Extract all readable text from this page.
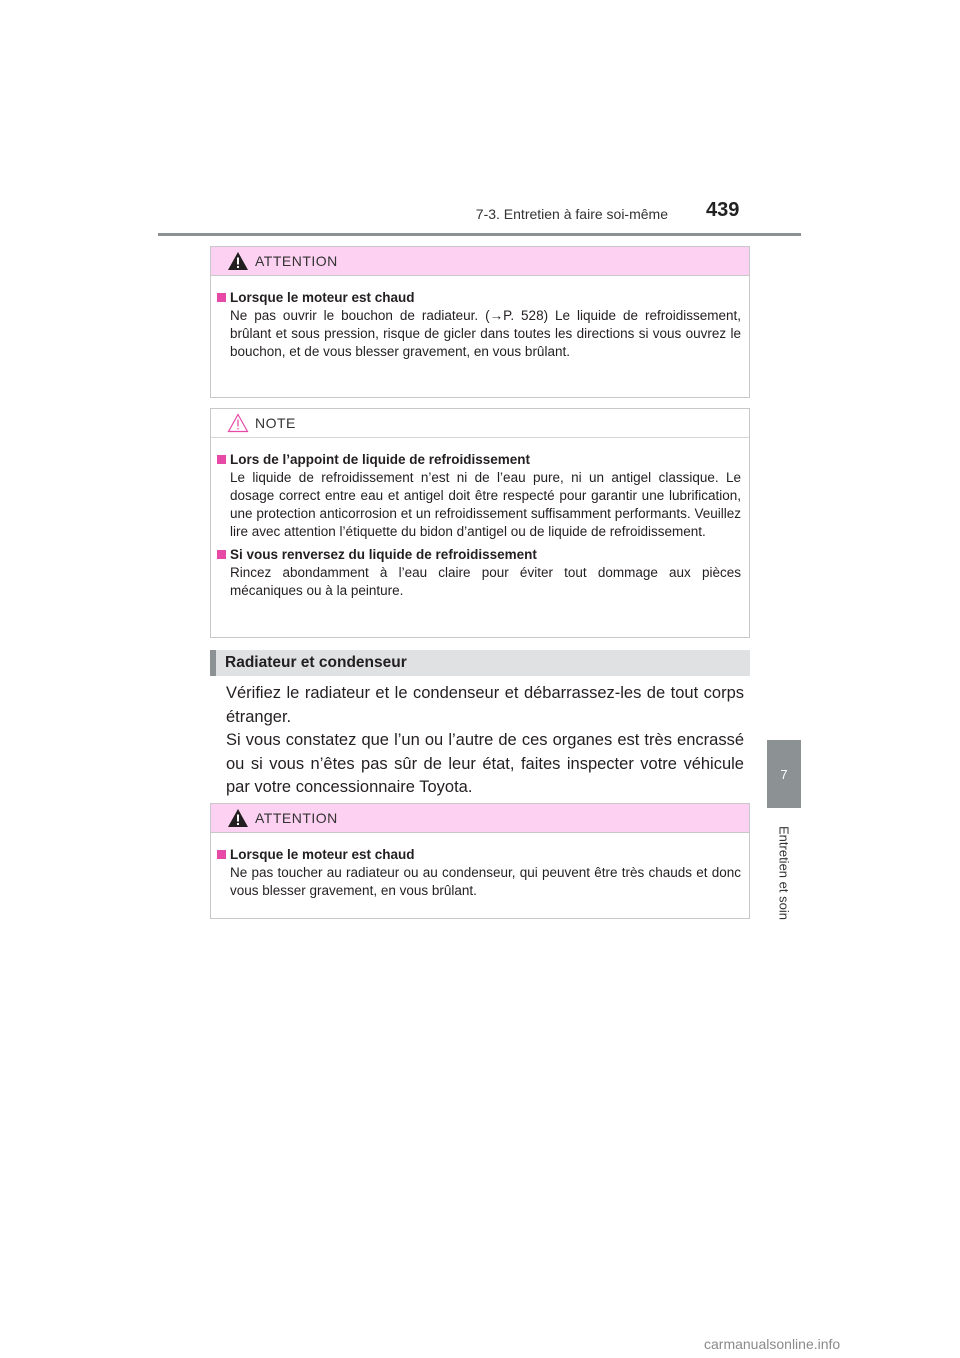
7-3. Entretien à faire soi-même 439
7
Entretien et soin
ATTENTION
Lorsque le moteur est chaud
Ne pas ouvrir le bouchon de radiateur. (→P. 528) Le liquide de refroidissement, brûlant et sous pression, risque de gicler dans toutes les directions si vous ouvrez le bouchon, et de vous blesser gravement, en vous brûlant.
NOTE
Lors de l’appoint de liquide de refroidissement
Le liquide de refroidissement n’est ni de l’eau pure, ni un antigel classique. Le dosage correct entre eau et antigel doit être respecté pour garantir une lubrification, une protection anticorrosion et un refroidissement suffisamment performants. Veuillez lire avec attention l’étiquette du bidon d’antigel ou de liquide de refroidissement.
Si vous renversez du liquide de refroidissement
Rincez abondamment à l’eau claire pour éviter tout dommage aux pièces mécaniques ou à la peinture.
Radiateur et condenseur

Vérifiez le radiateur et le condenseur et débarrassez-les de tout corps étranger.

Si vous constatez que l’un ou l’autre de ces organes est très encrassé ou si vous n’êtes pas sûr de leur état, faites inspecter votre véhicule par votre concessionnaire Toyota.

ATTENTION
Lorsque le moteur est chaud
Ne pas toucher au radiateur ou au condenseur, qui peuvent être très chauds et donc vous blesser gravement, en vous brûlant.
carmanualsonline.info
